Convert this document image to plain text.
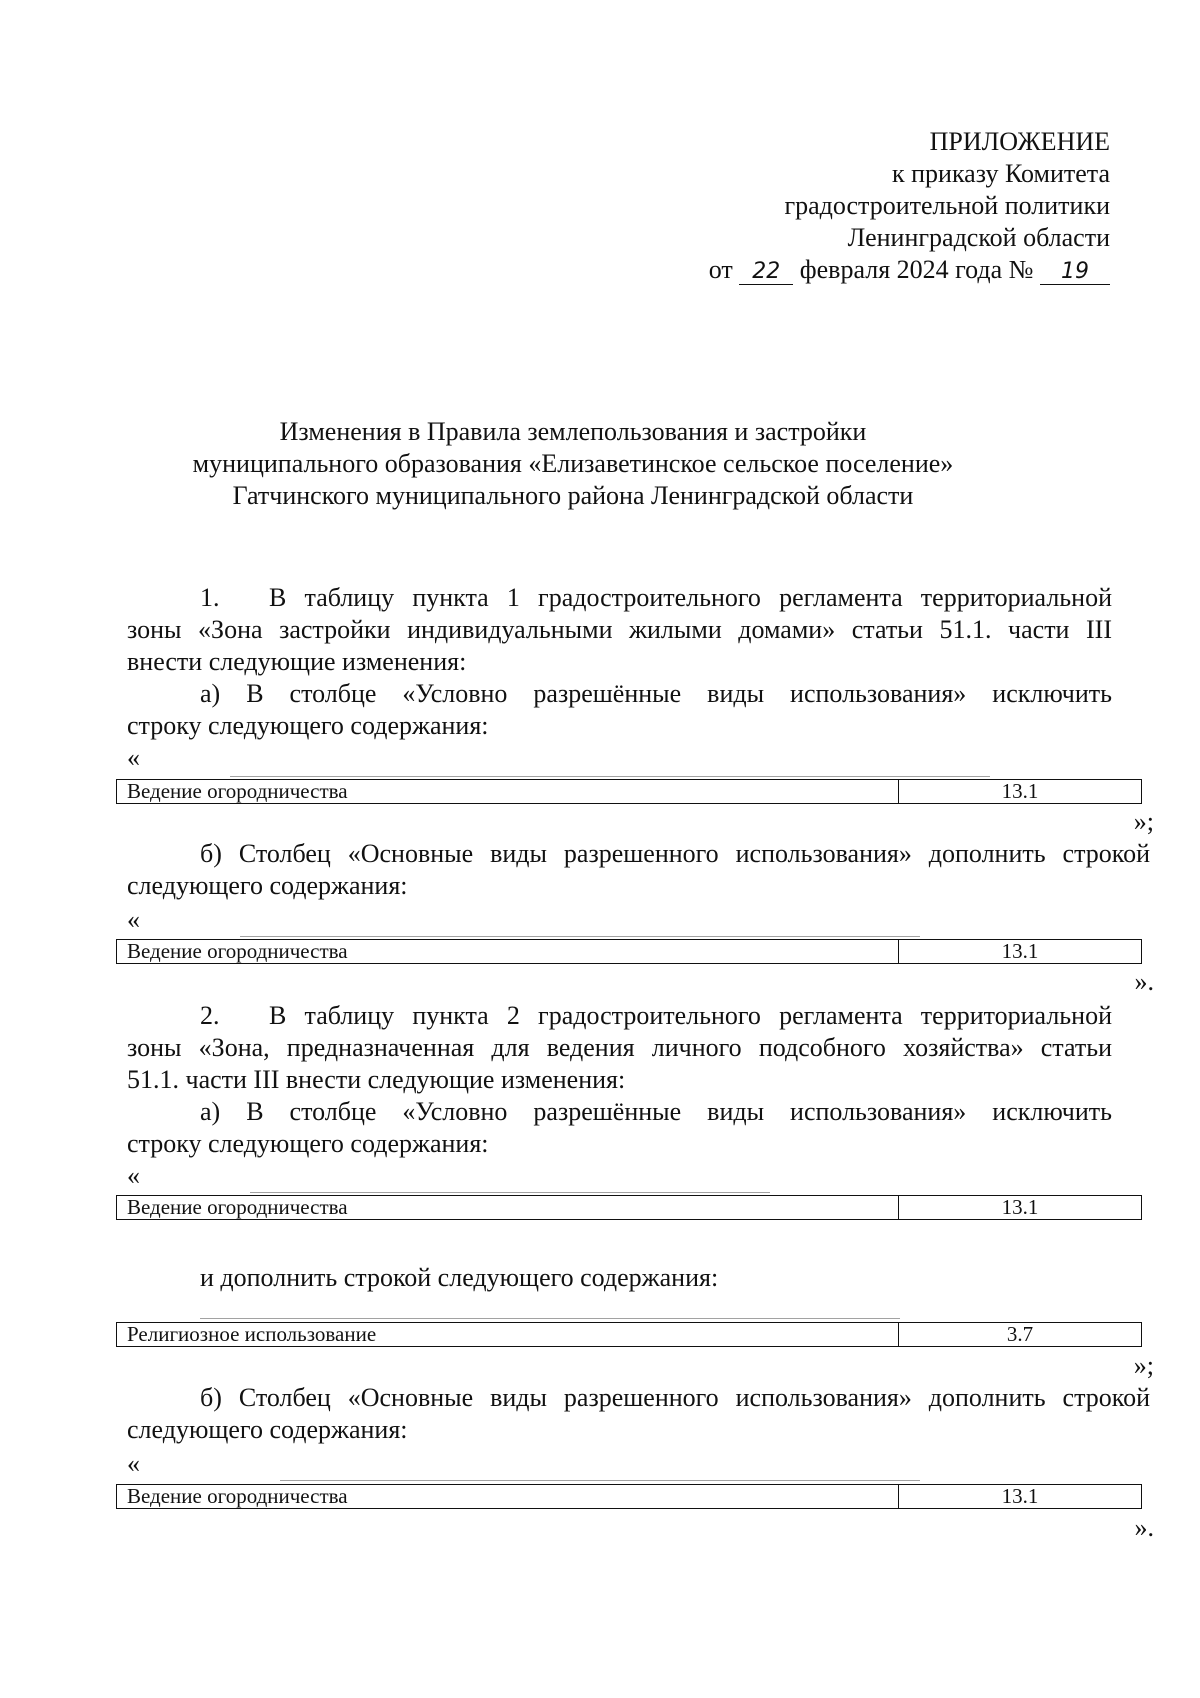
ПРИЛОЖЕНИЕ
к приказу Комитета
градостроительной политики
Ленинградской области
от 22 февраля 2024 года № 19
Изменения в Правила землепользования и застройки
муниципального образования «Елизаветинское сельское поселение»
Гатчинского муниципального района Ленинградской области
1. В таблицу пункта 1 градостроительного регламента территориальной
зоны «Зона застройки индивидуальными жилыми домами» статьи 51.1. части III
внести следующие изменения:
а) В столбце «Условно разрешённые виды использования» исключить
строку следующего содержания:
«
Ведение огородничества	13.1
»;
б) Столбец «Основные виды разрешенного использования» дополнить строкой
следующего содержания:
«
Ведение огородничества	13.1
».
2. В таблицу пункта 2 градостроительного регламента территориальной
зоны «Зона, предназначенная для ведения личного подсобного хозяйства» статьи
51.1. части III внести следующие изменения:
а) В столбце «Условно разрешённые виды использования» исключить
строку следующего содержания:
«
Ведение огородничества	13.1
и дополнить строкой следующего содержания:
Религиозное использование	3.7
»;
б) Столбец «Основные виды разрешенного использования» дополнить строкой
следующего содержания:
«
Ведение огородничества	13.1
».
